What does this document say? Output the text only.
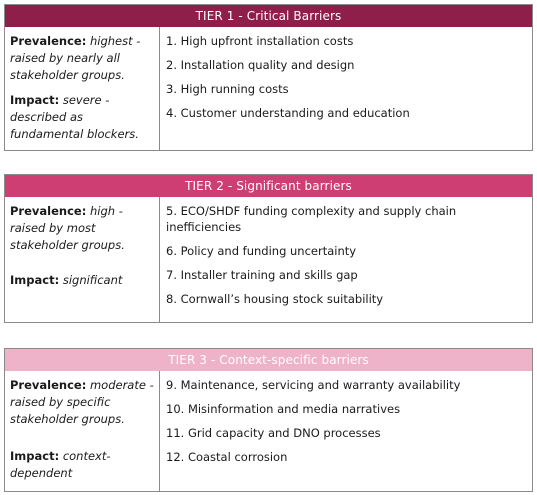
TIER 1 - Critical Barriers

Prevalence: highest - raised by nearly all stakeholder groups.

Impact: severe - described as fundamental blockers.

1. High upfront installation costs
2. Installation quality and design
3. High running costs
4. Customer understanding and education
TIER 2 - Significant barriers

Prevalence: high - raised by most stakeholder groups.

Impact: significant

5. ECO/SHDF funding complexity and supply chain inefficiencies
6. Policy and funding uncertainty
7. Installer training and skills gap
8. Cornwall’s housing stock suitability
TIER 3 - Context-specific barriers

Prevalence: moderate - raised by specific stakeholder groups.

Impact: context-dependent

9. Maintenance, servicing and warranty availability
10. Misinformation and media narratives
11. Grid capacity and DNO processes
12. Coastal corrosion
